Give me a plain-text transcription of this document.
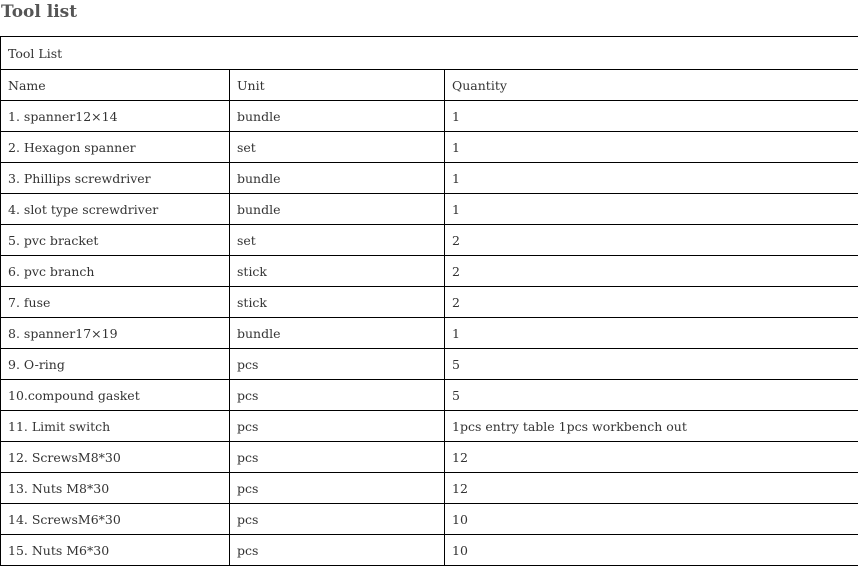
Tool list
Tool List		
Name	Unit	Quantity
1. spanner12×14	bundle	1
2. Hexagon spanner	set	1
3. Phillips screwdriver	bundle	1
4. slot type screwdriver	bundle	1
5. pvc bracket	set	2
6. pvc branch	stick	2
7. fuse	stick	2
8. spanner17×19	bundle	1
9. O-ring	pcs	5
10.compound gasket	pcs	5
11. Limit switch	pcs	1pcs entry table 1pcs workbench out
12. ScrewsM8*30	pcs	12
13. Nuts M8*30	pcs	12
14. ScrewsM6*30	pcs	10
15. Nuts M6*30	pcs	10
